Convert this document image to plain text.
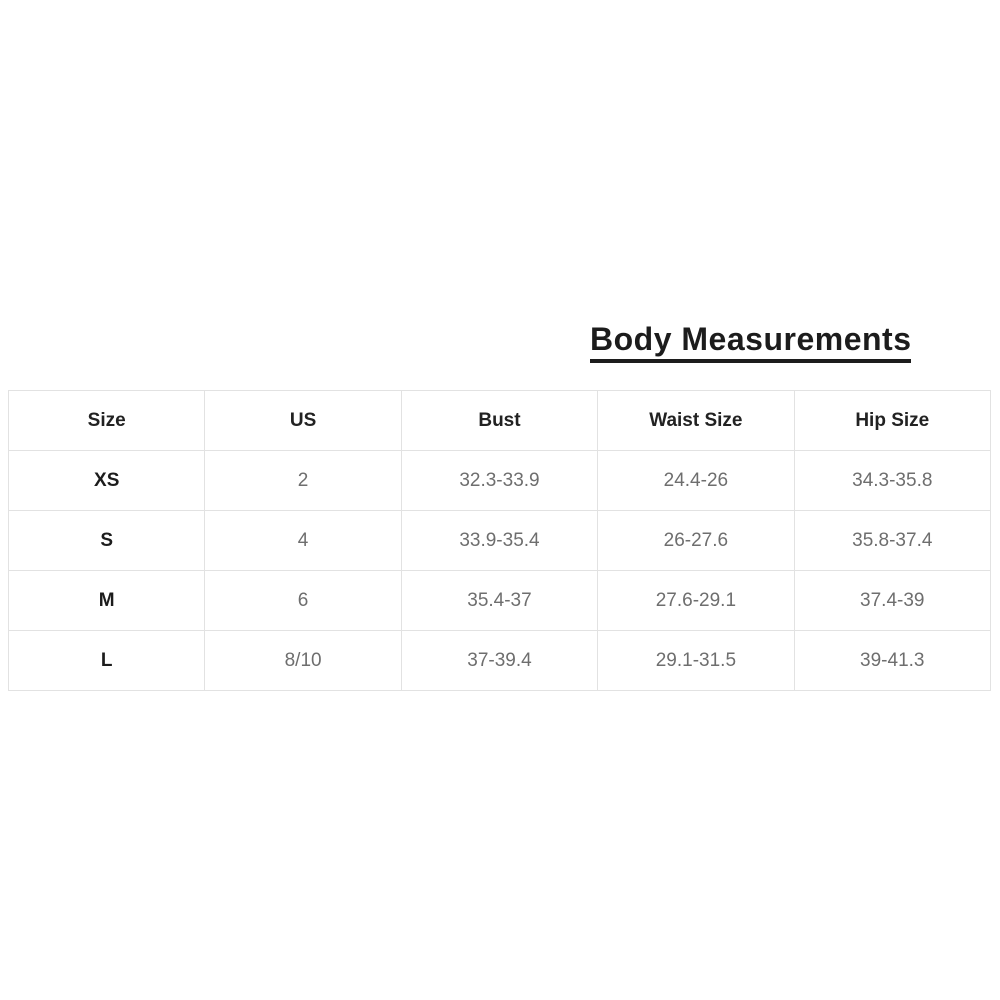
Body Measurements
Size	US	Bust	Waist Size	Hip Size
XS	2	32.3-33.9	24.4-26	34.3-35.8
S	4	33.9-35.4	26-27.6	35.8-37.4
M	6	35.4-37	27.6-29.1	37.4-39
L	8/10	37-39.4	29.1-31.5	39-41.3
